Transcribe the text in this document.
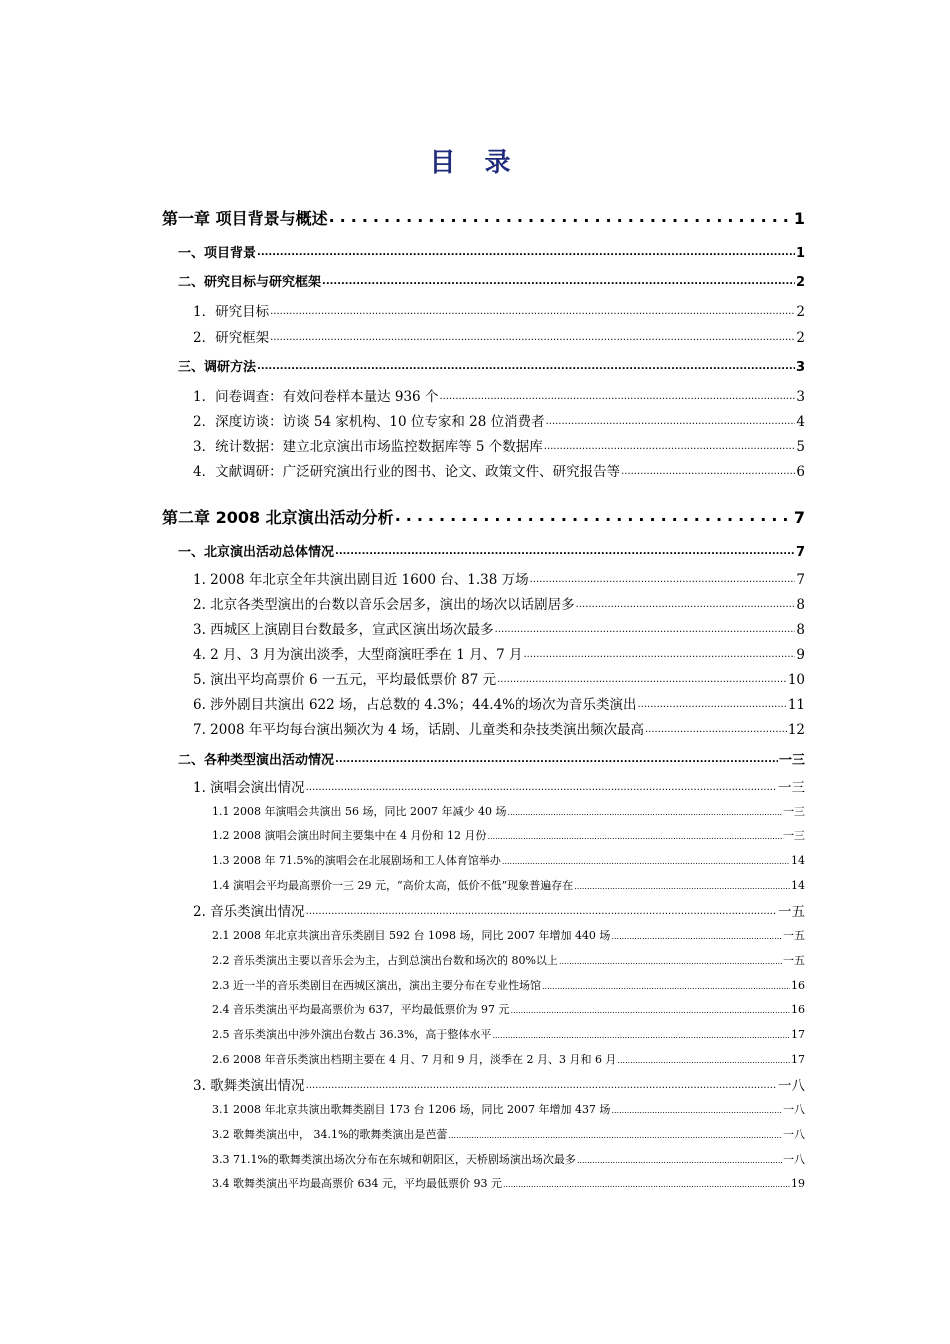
目 录
第一章 项目背景与概述 .....	1
一、项目背景 .....	1
二、研究目标与研究框架 .....	2
1．研究目标 .....	2
2．研究框架 .....	2
三、调研方法 .....	3
1．问卷调查：有效问卷样本量达 936 个 .....	3
2．深度访谈：访谈 54 家机构、10 位专家和 28 位消费者 .....	4
3．统计数据：建立北京演出市场监控数据库等 5 个数据库 .....	5
4．文献调研：广泛研究演出行业的图书、论文、政策文件、研究报告等 .....	6
第二章 2008 北京演出活动分析 .....	7
一、北京演出活动总体情况 .....	7
1. 2008 年北京全年共演出剧目近 1600 台、1.38 万场 .....	7
2. 北京各类型演出的台数以音乐会居多，演出的场次以话剧居多 .....	8
3. 西城区上演剧目台数最多，宣武区演出场次最多 .....	8
4. 2 月、3 月为演出淡季，大型商演旺季在 1 月、7 月 .....	9
5. 演出平均高票价 6 一五元，平均最低票价 87 元 .....	10
6. 涉外剧目共演出 622 场，占总数的 4.3%；44.4%的场次为音乐类演出 .....	11
7. 2008 年平均每台演出频次为 4 场，话剧、儿童类和杂技类演出频次最高 .....	12
二、各种类型演出活动情况 .....	一三
1. 演唱会演出情况 .....	一三
1.1 2008 年演唱会共演出 56 场，同比 2007 年减少 40 场 .....	一三
1.2 2008 演唱会演出时间主要集中在 4 月份和 12 月份 .....	一三
1.3 2008 年 71.5%的演唱会在北展剧场和工人体育馆举办 .....	14
1.4 演唱会平均最高票价一三 29 元，“高价太高，低价不低”现象普遍存在 .....	14
2. 音乐类演出情况 .....	一五
2.1 2008 年北京共演出音乐类剧目 592 台 1098 场，同比 2007 年增加 440 场 .....	一五
2.2 音乐类演出主要以音乐会为主，占到总演出台数和场次的 80%以上 .....	一五
2.3 近一半的音乐类剧目在西城区演出，演出主要分布在专业性场馆 .....	16
2.4 音乐类演出平均最高票价为 637，平均最低票价为 97 元 .....	16
2.5 音乐类演出中涉外演出台数占 36.3%，高于整体水平 .....	17
2.6 2008 年音乐类演出档期主要在 4 月、7 月和 9 月，淡季在 2 月、3 月和 6 月 .....	17
3. 歌舞类演出情况 .....	一八
3.1 2008 年北京共演出歌舞类剧目 173 台 1206 场，同比 2007 年增加 437 场 .....	一八
3.2 歌舞类演出中， 34.1%的歌舞类演出是芭蕾 .....	一八
3.3 71.1%的歌舞类演出场次分布在东城和朝阳区，天桥剧场演出场次最多 .....	一八
3.4 歌舞类演出平均最高票价 634 元，平均最低票价 93 元 .....	19
